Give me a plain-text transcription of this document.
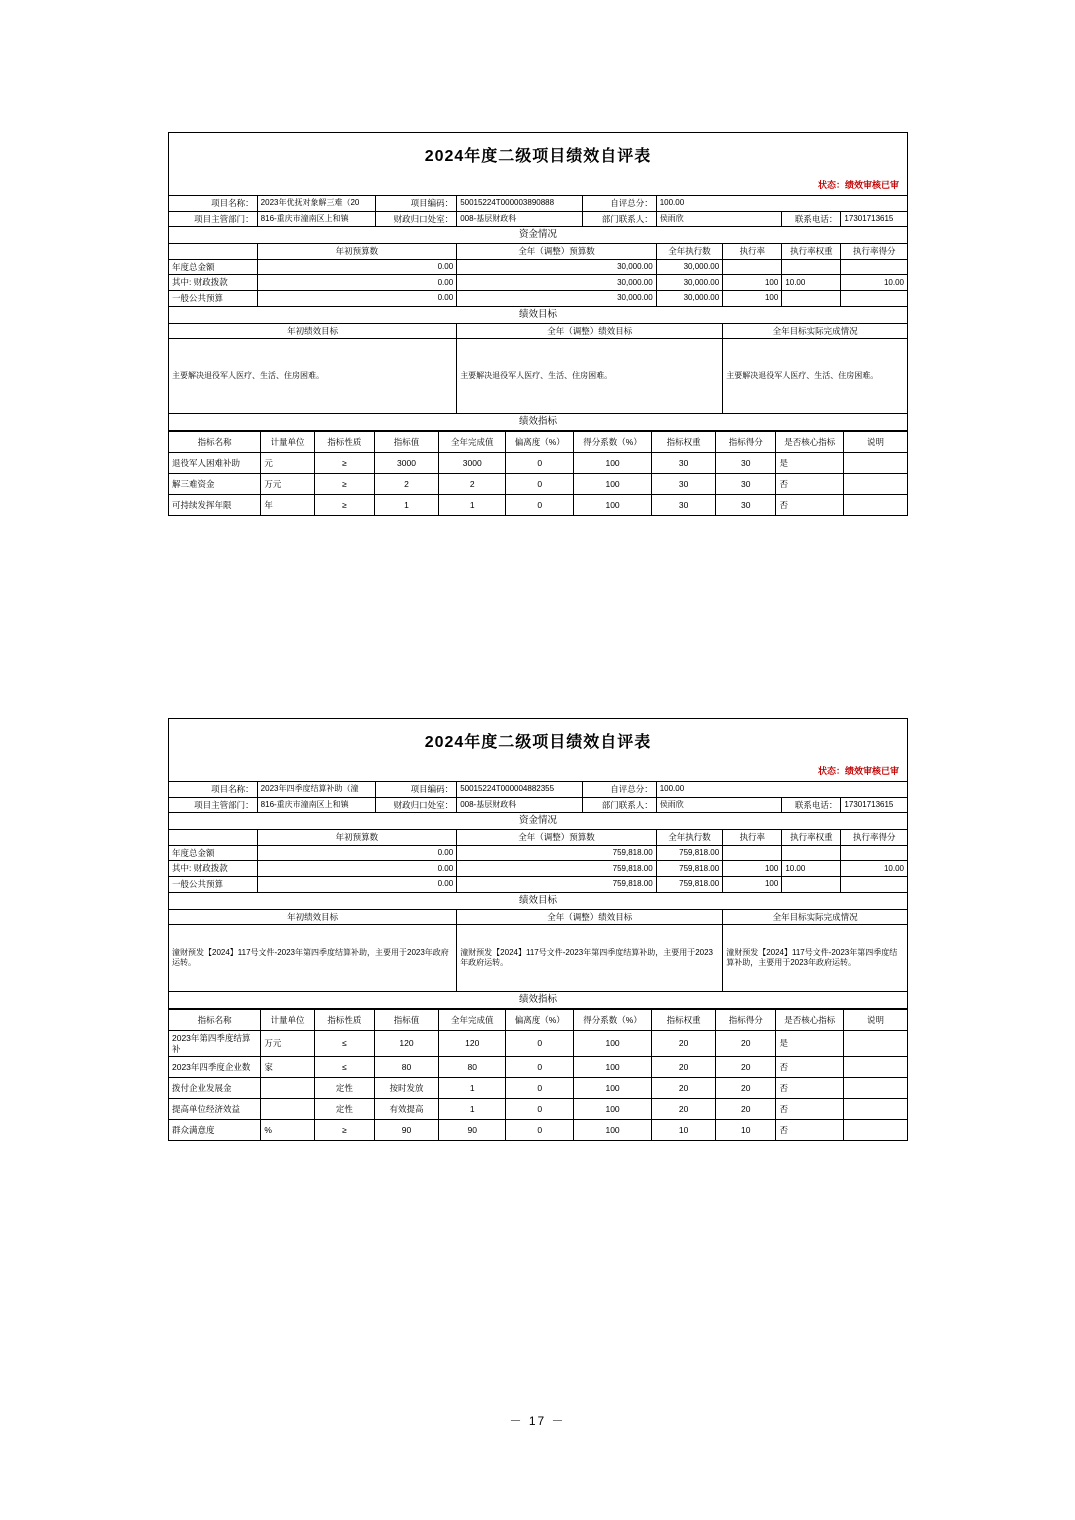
2024年度二级项目绩效自评表
状态：绩效审核已审
项目名称：	2023年优抚对象解三难（20	项目编码：	50015224T000003890888	自评总分：	100.00			
项目主管部门：	816-重庆市潼南区上和镇	财政归口处室：	008-基层财政科	部门联系人：	侯雨欣		联系电话：	17301713615
资金情况								
	年初预算数		全年（调整）预算数		全年执行数	执行率	执行率权重	执行率得分
年度总金额	0.00		30,000.00		30,000.00			
其中: 财政拨款	0.00		30,000.00		30,000.00	100	10.00	10.00
一般公共预算	0.00		30,000.00		30,000.00	100		
绩效目标								
年初绩效目标			全年（调整）绩效目标			全年目标实际完成情况		
主要解决退役军人医疗、生活、住房困难。			主要解决退役军人医疗、生活、住房困难。			主要解决退役军人医疗、生活、住房困难。		
绩效指标								
指标名称	计量单位	指标性质	指标值	全年完成值	偏离度（%）	得分系数（%）	指标权重	指标得分	是否核心指标	说明
退役军人困难补助	元	≥	3000	3000	0	100	30	30	是	
解三难资金	万元	≥	2	2	0	100	30	30	否	
可持续发挥年限	年	≥	1	1	0	100	30	30	否	
2024年度二级项目绩效自评表
状态：绩效审核已审
项目名称：	2023年四季度结算补助（潼	项目编码：	50015224T000004882355	自评总分：	100.00			
项目主管部门：	816-重庆市潼南区上和镇	财政归口处室：	008-基层财政科	部门联系人：	侯雨欣		联系电话：	17301713615
资金情况								
	年初预算数		全年（调整）预算数		全年执行数	执行率	执行率权重	执行率得分
年度总金额	0.00		759,818.00		759,818.00			
其中: 财政拨款	0.00		759,818.00		759,818.00	100	10.00	10.00
一般公共预算	0.00		759,818.00		759,818.00	100		
绩效目标								
年初绩效目标			全年（调整）绩效目标			全年目标实际完成情况		
潼财预发【2024】117号文件-2023年第四季度结算补助，主要用于2023年政府运转。			潼财预发【2024】117号文件-2023年第四季度结算补助，主要用于2023年政府运转。			潼财预发【2024】117号文件-2023年第四季度结算补助，主要用于2023年政府运转。		
绩效指标								
指标名称	计量单位	指标性质	指标值	全年完成值	偏离度（%）	得分系数（%）	指标权重	指标得分	是否核心指标	说明
2023年第四季度结算补	万元	≤	120	120	0	100	20	20	是	
2023年四季度企业数	家	≤	80	80	0	100	20	20	否	
拨付企业发展金		定性	按时发放	1	0	100	20	20	否	
提高单位经济效益		定性	有效提高	1	0	100	20	20	否	
群众满意度	%	≥	90	90	0	100	10	10	否	
－ 17 －
